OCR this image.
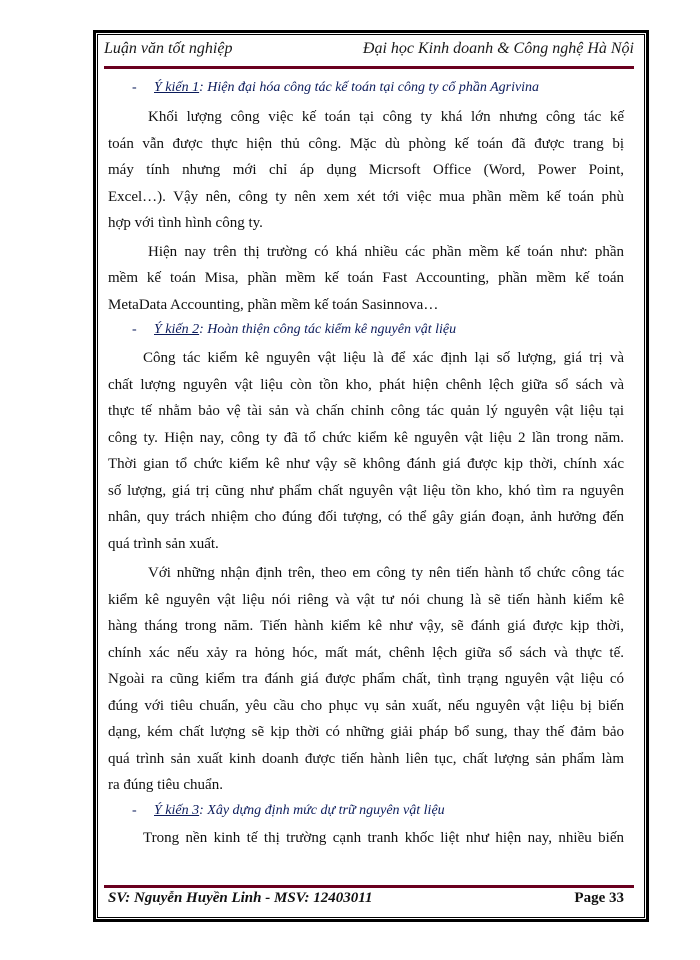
Luận văn tốt nghiệp	Đại học Kinh doanh & Công nghệ Hà Nội
- Ý kiến 1: Hiện đại hóa công tác kế toán tại công ty cổ phần Agrivina

Khối lượng công việc kế toán tại công ty khá lớn nhưng công tác kế
toán vẫn được thực hiện thủ công. Mặc dù phòng kế toán đã được trang bị
máy tính nhưng mới chỉ áp dụng Micrsoft Office (Word, Power Point,
Excel…). Vậy nên, công ty nên xem xét tới việc mua phần mềm kế toán phù
hợp với tình hình công ty.

Hiện nay trên thị trường có khá nhiều các phần mềm kế toán như: phần
mềm kế toán Misa, phần mềm kế toán Fast Accounting, phần mềm kế toán
MetaData Accounting, phần mềm kế toán Sasinnova…

- Ý kiến 2: Hoàn thiện công tác kiểm kê nguyên vật liệu

Công tác kiểm kê nguyên vật liệu là để xác định lại số lượng, giá trị và
chất lượng nguyên vật liệu còn tồn kho, phát hiện chênh lệch giữa sổ sách và
thực tế nhằm bảo vệ tài sản và chấn chỉnh công tác quản lý nguyên vật liệu tại
công ty. Hiện nay, công ty đã tổ chức kiểm kê nguyên vật liệu 2 lần trong năm.
Thời gian tổ chức kiểm kê như vậy sẽ không đánh giá được kịp thời, chính xác
số lượng, giá trị cũng như phẩm chất nguyên vật liệu tồn kho, khó tìm ra nguyên
nhân, quy trách nhiệm cho đúng đối tượng, có thể gây gián đoạn, ảnh hưởng đến
quá trình sản xuất.

Với những nhận định trên, theo em công ty nên tiến hành tổ chức công tác
kiểm kê nguyên vật liệu nói riêng và vật tư nói chung là sẽ tiến hành kiểm kê
hàng tháng trong năm. Tiến hành kiểm kê như vậy, sẽ đánh giá được kịp thời,
chính xác nếu xảy ra hỏng hóc, mất mát, chênh lệch giữa sổ sách và thực tế.
Ngoài ra cũng kiểm tra đánh giá được phẩm chất, tình trạng nguyên vật liệu có
đúng với tiêu chuẩn, yêu cầu cho phục vụ sản xuất, nếu nguyên vật liệu bị biến
dạng, kém chất lượng sẽ kịp thời có những giải pháp bổ sung, thay thế đảm bảo
quá trình sản xuất kinh doanh được tiến hành liên tục, chất lượng sản phẩm làm
ra đúng tiêu chuẩn.

- Ý kiến 3: Xây dựng định mức dự trữ nguyên vật liệu

Trong nền kinh tế thị trường cạnh tranh khốc liệt như hiện nay, nhiều biến

SV: Nguyễn Huyền Linh - MSV: 12403011	Page 33
